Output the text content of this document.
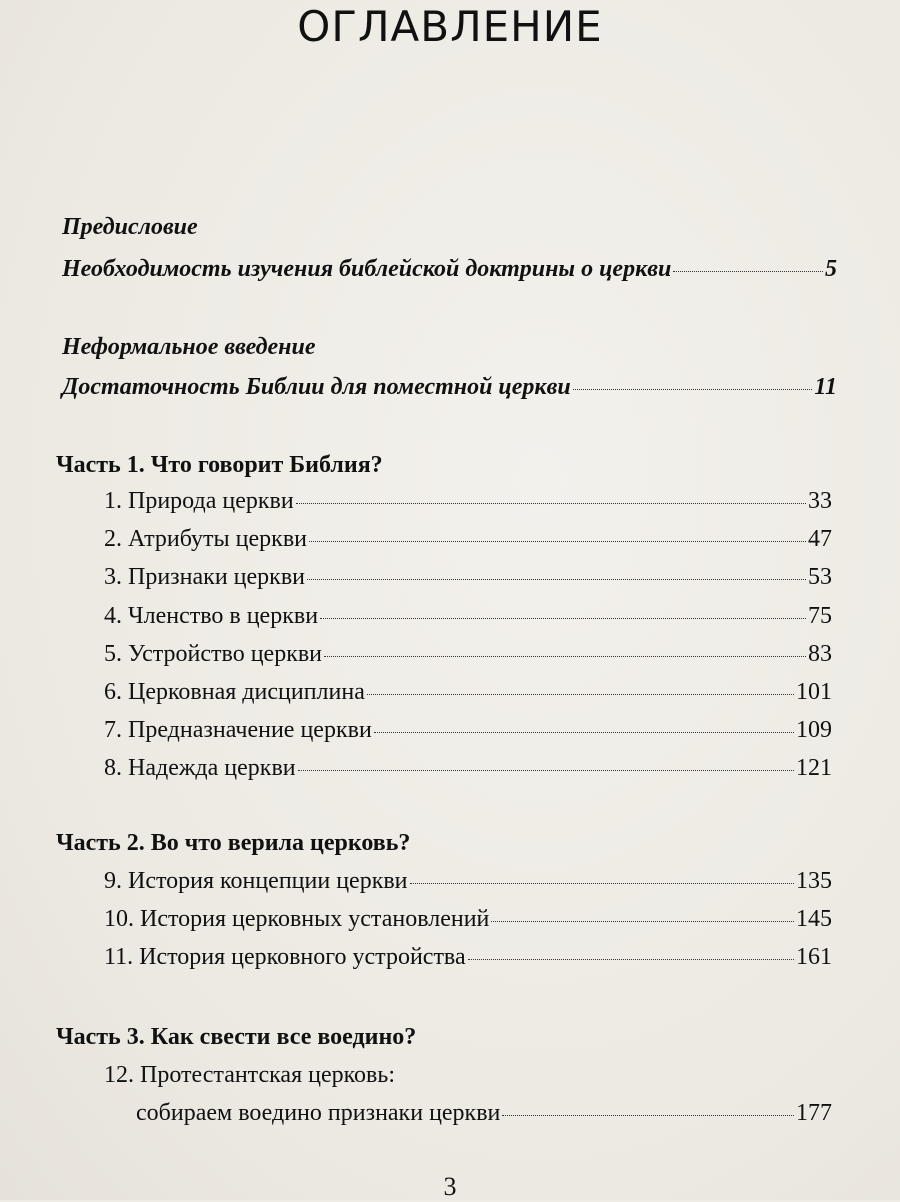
ОГЛАВЛЕНИЕ
Предисловие
Необходимость изучения библейской доктрины о церкви	5
Неформальное введение
Достаточность Библии для поместной церкви	11
Часть 1. Что говорит Библия?
1. Природа церкви	33
2. Атрибуты церкви	47
3. Признаки церкви	53
4. Членство в церкви	75
5. Устройство церкви	83
6. Церковная дисциплина	101
7. Предназначение церкви	109
8. Надежда церкви	121
Часть 2. Во что верила церковь?
9. История концепции церкви	135
10. История церковных установлений	145
11. История церковного устройства	161
Часть 3. Как свести все воедино?
12. Протестантская церковь:
собираем воедино признаки церкви	177
3
